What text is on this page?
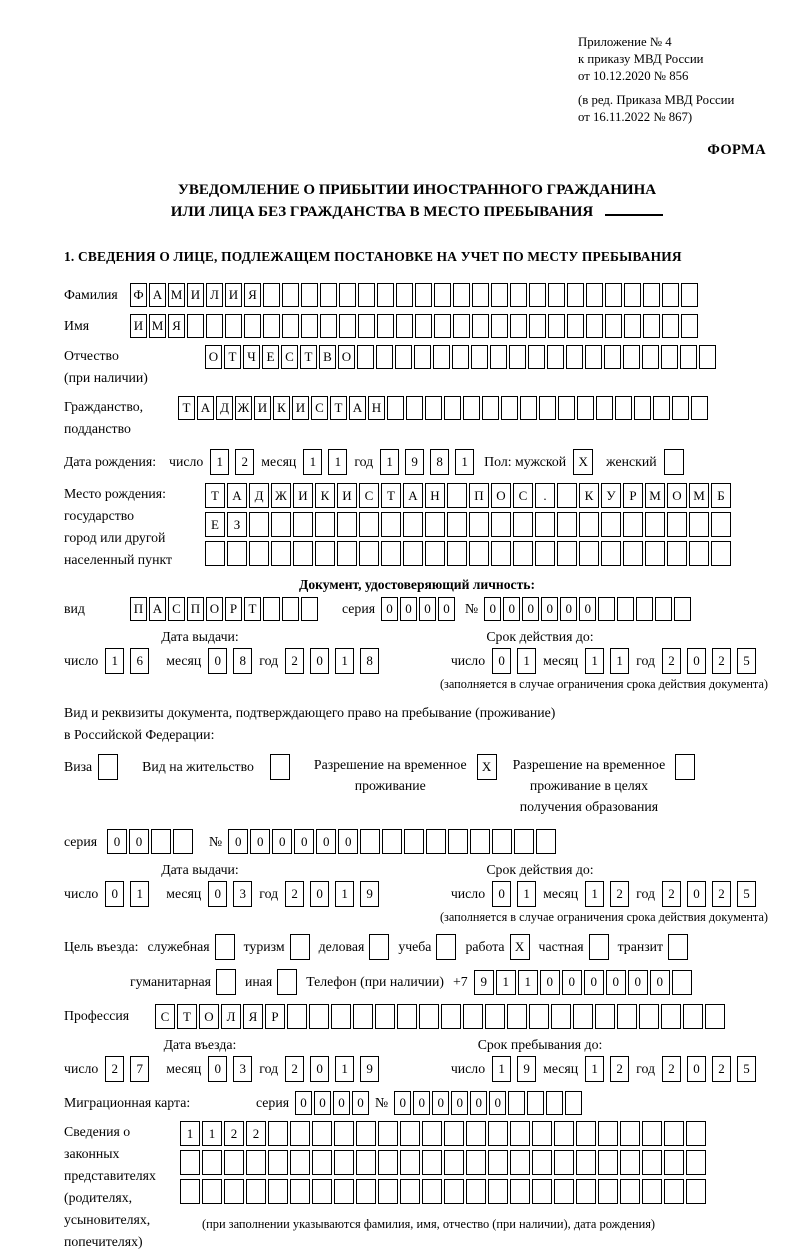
Приложение № 4
к приказу МВД России
от 10.12.2020 № 856
(в ред. Приказа МВД России
от 16.11.2022 № 867)
ФОРМА
УВЕДОМЛЕНИЕ О ПРИБЫТИИ ИНОСТРАННОГО ГРАЖДАНИНА
ИЛИ ЛИЦА БЕЗ ГРАЖДАНСТВА В МЕСТО ПРЕБЫВАНИЯ
1. СВЕДЕНИЯ О ЛИЦЕ, ПОДЛЕЖАЩЕМ ПОСТАНОВКЕ НА УЧЕТ ПО МЕСТУ ПРЕБЫВАНИЯ
Фамилия	Ф А М И Л И Я
Имя	И М Я
Отчество
(при наличии)
О Т Ч Е С Т В О
Гражданство,
подданство
Т А Д Ж И К И С Т А Н
Дата рождения: число	1	2 месяц	1	1 год	1	9	8	1	Пол: мужской X	женский
Место рождения:
государство
город или другой
населенный пункт
Т	А Д Ж И К И С	Т	А Н	П О С	.	К	У	Р М О М Б
Е	З
Документ, удостоверяющий личность:
вид	П А С П О Р Т	серия 0 0 0 0	№ 0 0 0 0 0 0
Дата выдачи:	Срок действия до:
число	1	6	месяц	0	8 год	2	0	1	8	число	0	1 месяц	1	1 год	2	0	2	5
(заполняется в случае ограничения срока действия документа)
Вид и реквизиты документа, подтверждающего право на пребывание (проживание)
в Российской Федерации:
Виза	Вид на жительство	Разрешение на временное
проживание
X	Разрешение на временное
проживание в целях
получения образования
серия	0	0	№ 0	0	0	0	0	0
Дата выдачи:	Срок действия до:
число	0	1	месяц	0	3 год	2	0	1	9	число	0	1 месяц	1	2 год	2	0	2	5
(заполняется в случае ограничения срока действия документа)
Цель въезда: служебная туризм деловая учеба работа X	частная транзит
гуманитарная иная Телефон (при наличии) +7 9	1	1	0	0	0	0	0	0
Профессия	С	Т	О Л	Я	Р
Дата въезда:	Срок пребывания до:
число	2	7	месяц	0	3 год	2	0	1	9	число	1	9 месяц	1	2 год	2	0	2	5
Миграционная карта:	серия 0 0 0 0 № 0 0 0 0 0 0
Сведения о
законных
представителях
(родителях,
усыновителях,
попечителях)
1	1	2	2
(при заполнении указываются фамилия, имя, отчество (при наличии), дата рождения)
